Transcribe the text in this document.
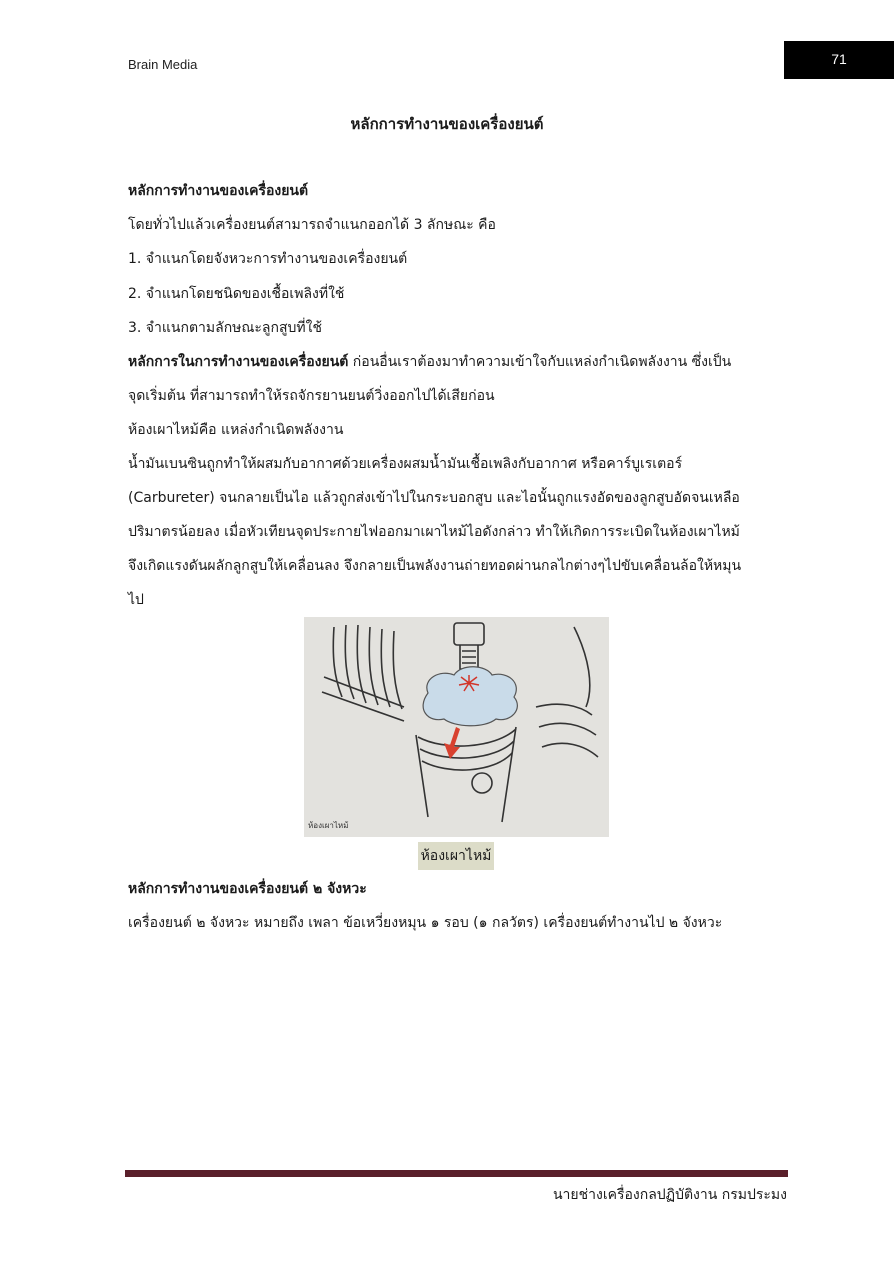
Brain Media	71
หลักการทำงานของเครื่องยนต์
หลักการทำงานของเครื่องยนต์
โดยทั่วไปแล้วเครื่องยนต์สามารถจำแนกออกได้ 3 ลักษณะ คือ
1. จำแนกโดยจังหวะการทำงานของเครื่องยนต์
2. จำแนกโดยชนิดของเชื้อเพลิงที่ใช้
3. จำแนกตามลักษณะลูกสูบที่ใช้
หลักการในการทำงานของเครื่องยนต์ ก่อนอื่นเราต้องมาทำความเข้าใจกับแหล่งกำเนิดพลังงาน ซึ่งเป็น
จุดเริ่มต้น ที่สามารถทำให้รถจักรยานยนต์วิ่งออกไปได้เสียก่อน
ห้องเผาไหม้คือ แหล่งกำเนิดพลังงาน
น้ำมันเบนซินถูกทำให้ผสมกับอากาศด้วยเครื่องผสมน้ำมันเชื้อเพลิงกับอากาศ หรือคาร์บูเรเตอร์
(Carbureter) จนกลายเป็นไอ แล้วถูกส่งเข้าไปในกระบอกสูบ และไอนั้นถูกแรงอัดของลูกสูบอัดจนเหลือ
ปริมาตรน้อยลง เมื่อหัวเทียนจุดประกายไฟออกมาเผาไหม้ไอดังกล่าว ทำให้เกิดการระเบิดในห้องเผาไหม้
จึงเกิดแรงดันผลักลูกสูบให้เคลื่อนลง จึงกลายเป็นพลังงานถ่ายทอดผ่านกลไกต่างๆไปขับเคลื่อนล้อให้หมุน
ไป
ห้องเผาไหม้
ห้องเผาไหม้
หลักการทำงานของเครื่องยนต์ ๒ จังหวะ
เครื่องยนต์ ๒ จังหวะ หมายถึง เพลา ข้อเหวี่ยงหมุน ๑ รอบ (๑ กลวัตร) เครื่องยนต์ทำงานไป ๒ จังหวะ
นายช่างเครื่องกลปฏิบัติงาน กรมประมง
